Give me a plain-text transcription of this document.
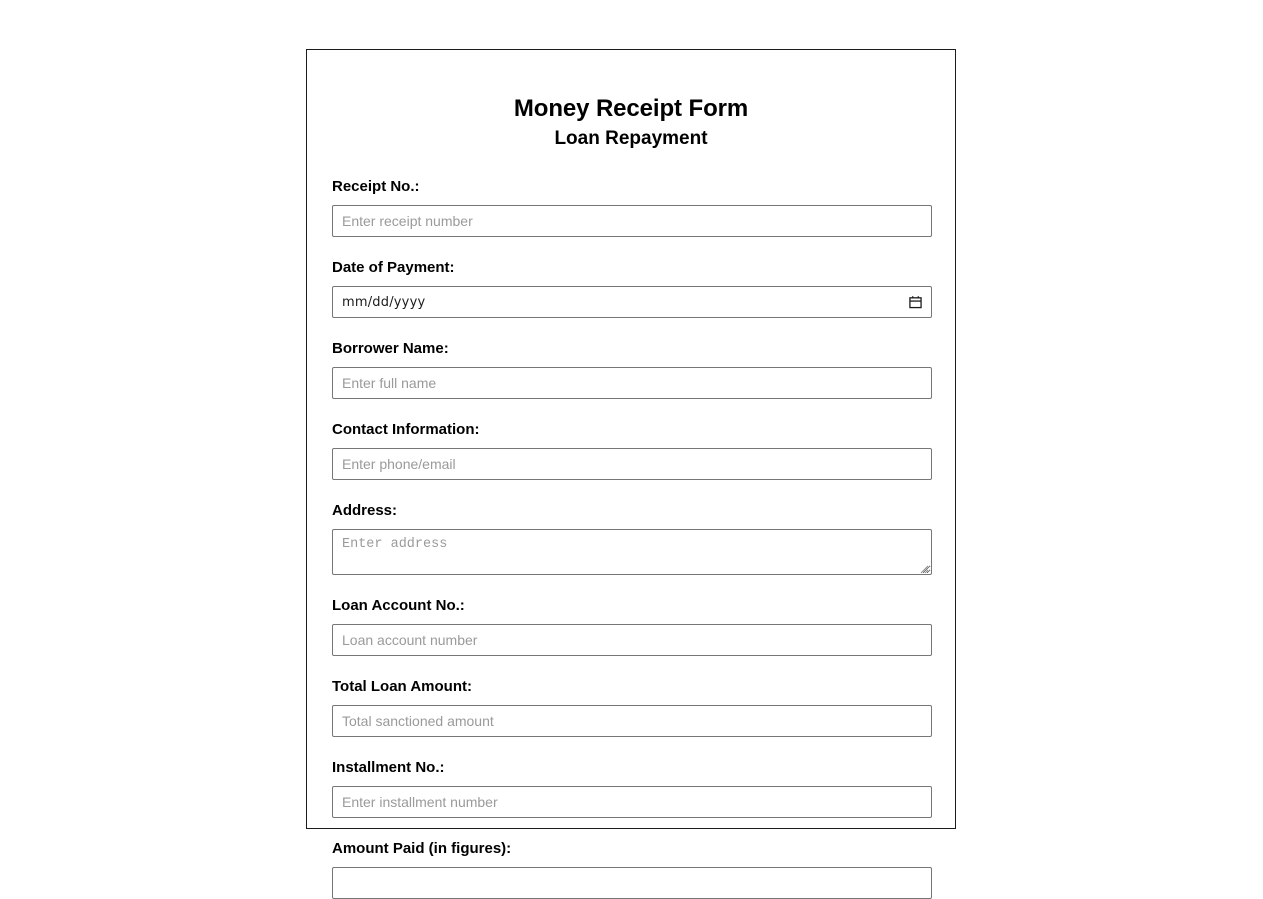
Money Receipt Form
Loan Repayment
Receipt No.:
Enter receipt number
Date of Payment:
mm/dd/yyyy
Borrower Name:
Enter full name
Contact Information:
Enter phone/email
Address:
Enter address
Loan Account No.:
Loan account number
Total Loan Amount:
Total sanctioned amount
Installment No.:
Enter installment number
Amount Paid (in figures):
